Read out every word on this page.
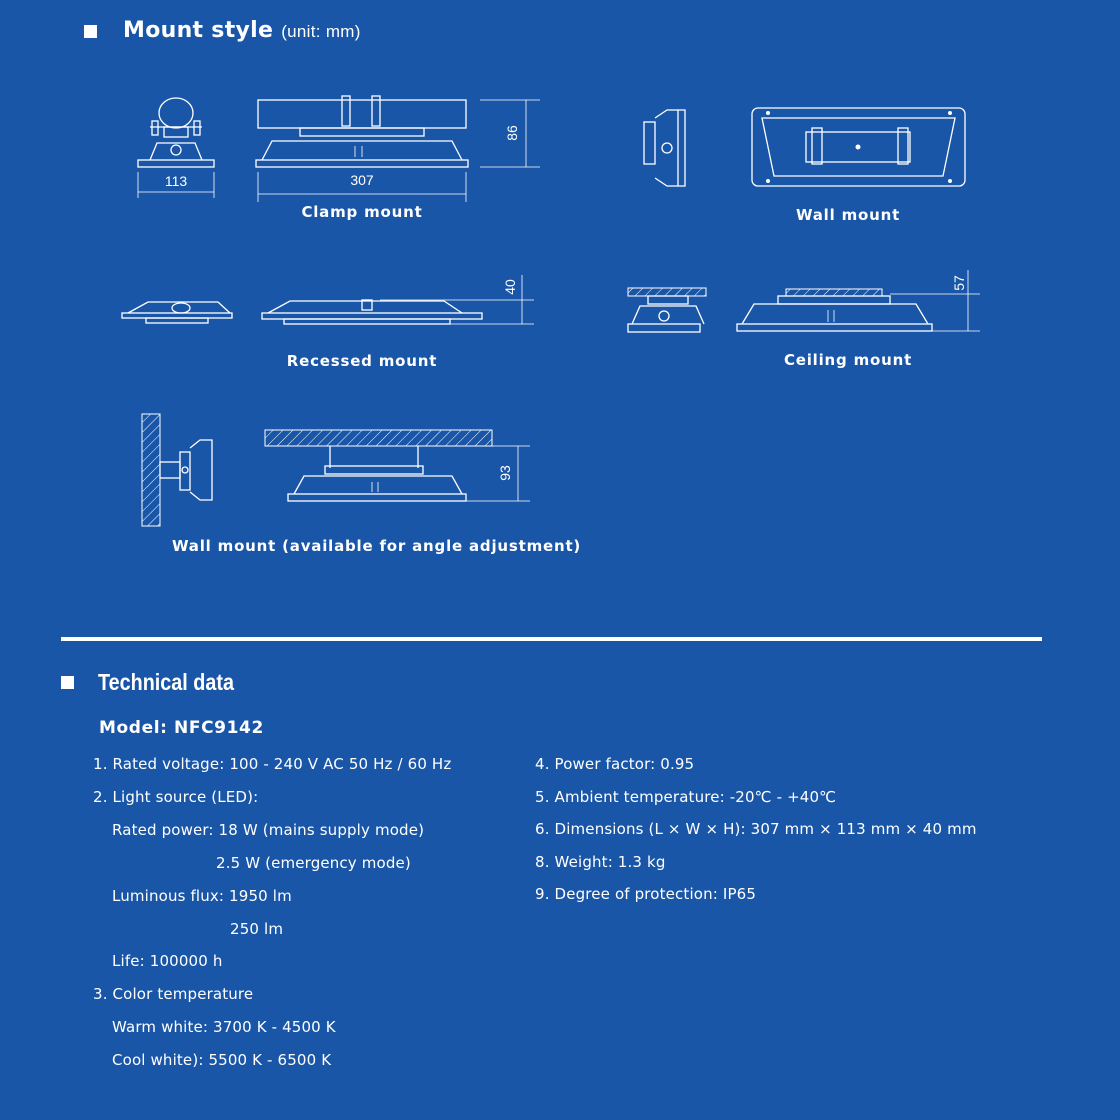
Mount style (unit: mm)
113	307
86
40	57
93
Clamp mount	Wall mount
Recessed mount	Ceiling mount
Wall mount (available for angle adjustment)
Technical data
Model: NFC9142
1. Rated voltage: 100 - 240 V AC 50 Hz / 60 Hz
2. Light source (LED):
Rated power: 18 W (mains supply mode)
2.5 W (emergency mode)
Luminous flux: 1950 lm
250 lm
Life: 100000 h
3. Color temperature
Warm white: 3700 K - 4500 K
Cool white): 5500 K - 6500 K
4. Power factor: 0.95
5. Ambient temperature: -20℃ - +40℃
6. Dimensions (L × W × H): 307 mm × 113 mm × 40 mm
8. Weight: 1.3 kg
9. Degree of protection: IP65
